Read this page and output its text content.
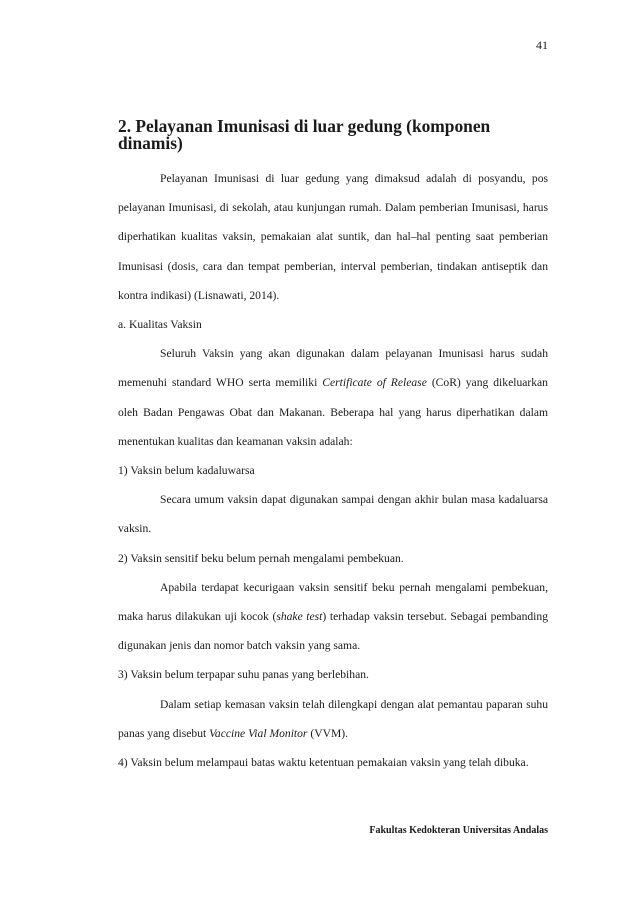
41
2. Pelayanan Imunisasi di luar gedung (komponen dinamis)

Pelayanan Imunisasi di luar gedung yang dimaksud adalah di posyandu, pos pelayanan Imunisasi, di sekolah, atau kunjungan rumah. Dalam pemberian Imunisasi, harus diperhatikan kualitas vaksin, pemakaian alat suntik, dan hal–hal penting saat pemberian Imunisasi (dosis, cara dan tempat pemberian, interval pemberian, tindakan antiseptik dan kontra indikasi) (Lisnawati, 2014).

a. Kualitas Vaksin

Seluruh Vaksin yang akan digunakan dalam pelayanan Imunisasi harus sudah memenuhi standard WHO serta memiliki Certificate of Release (CoR) yang dikeluarkan oleh Badan Pengawas Obat dan Makanan. Beberapa hal yang harus diperhatikan dalam menentukan kualitas dan keamanan vaksin adalah:

1) Vaksin belum kadaluwarsa

Secara umum vaksin dapat digunakan sampai dengan akhir bulan masa kadaluarsa vaksin.

2) Vaksin sensitif beku belum pernah mengalami pembekuan.

Apabila terdapat kecurigaan vaksin sensitif beku pernah mengalami pembekuan, maka harus dilakukan uji kocok (shake test) terhadap vaksin tersebut. Sebagai pembanding digunakan jenis dan nomor batch vaksin yang sama.

3) Vaksin belum terpapar suhu panas yang berlebihan.

Dalam setiap kemasan vaksin telah dilengkapi dengan alat pemantau paparan suhu panas yang disebut Vaccine Vial Monitor (VVM).

4) Vaksin belum melampaui batas waktu ketentuan pemakaian vaksin yang telah dibuka.

Fakultas Kedokteran Universitas Andalas
